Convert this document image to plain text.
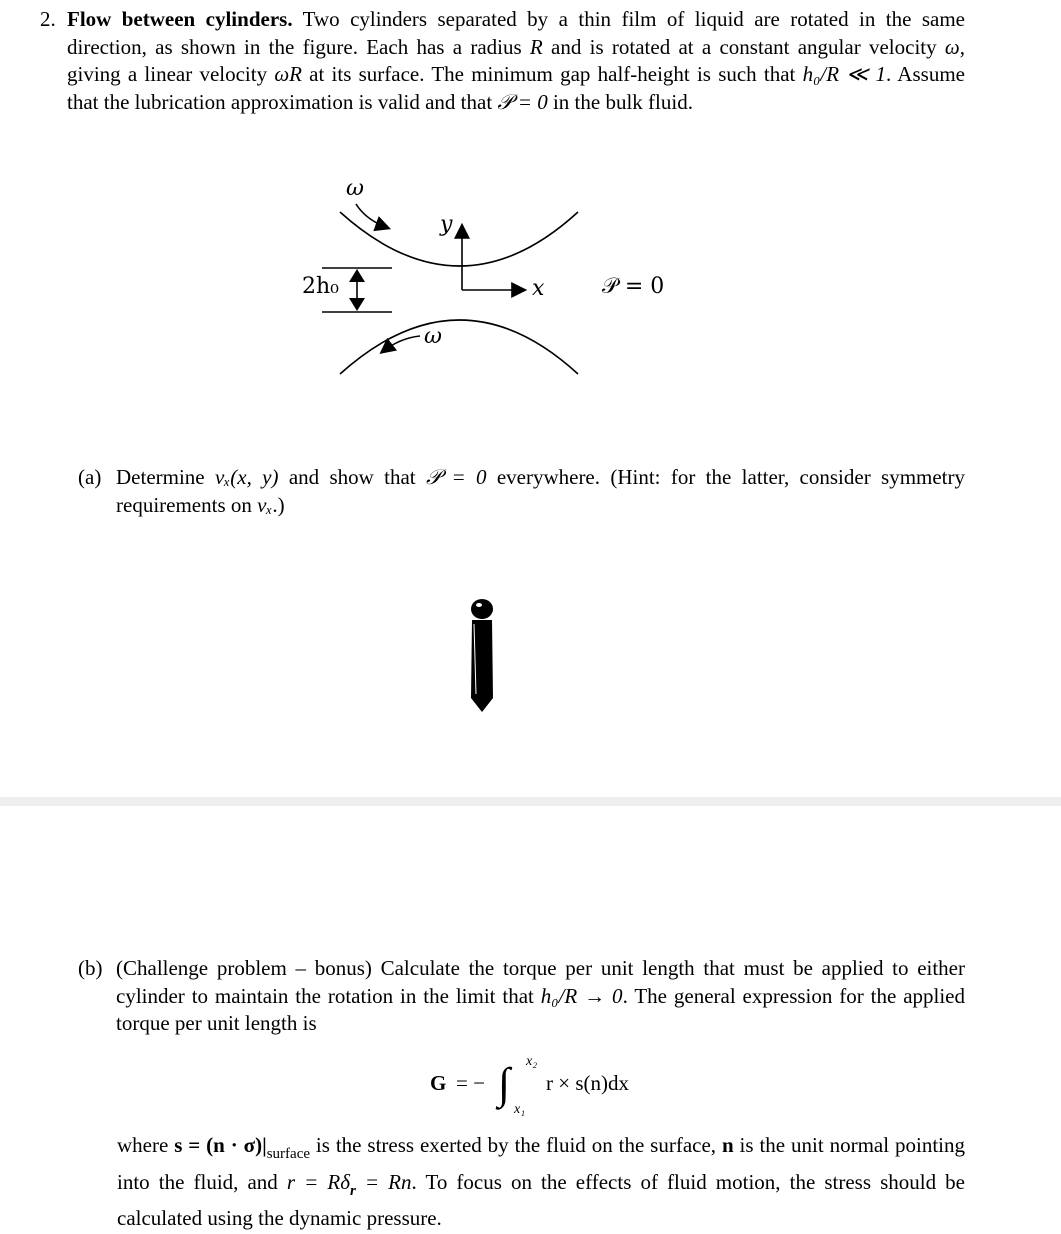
2. Flow between cylinders. Two cylinders separated by a thin film of liquid are rotated in the same direction, as shown in the figure. Each has a radius R and is rotated at a constant angular velocity ω, giving a linear velocity ωR at its surface. The minimum gap half-height is such that h₀/R ≪ 1. Assume that the lubrication approximation is valid and that 𝒫 = 0 in the bulk fluid.
ω
ω
y
x
2h₀	𝒫 = 0
(a) Determine vₓ(x, y) and show that 𝒫 = 0 everywhere. (Hint: for the latter, consider symmetry requirements on vₓ.)
(b) (Challenge problem – bonus) Calculate the torque per unit length that must be applied to either cylinder to maintain the rotation in the limit that h₀/R → 0. The general expression for the applied torque per unit length is
G = − ∫ x₂
x₁
r × s(n)dx
where $s = (n \cdot \sigma)|_{surface}$ is the stress exerted by the fluid on the surface, n is the unit normal pointing into the fluid, and $r = R\delta_r = Rn$. To focus on the effects of fluid motion, the stress should be calculated using the dynamic pressure.
